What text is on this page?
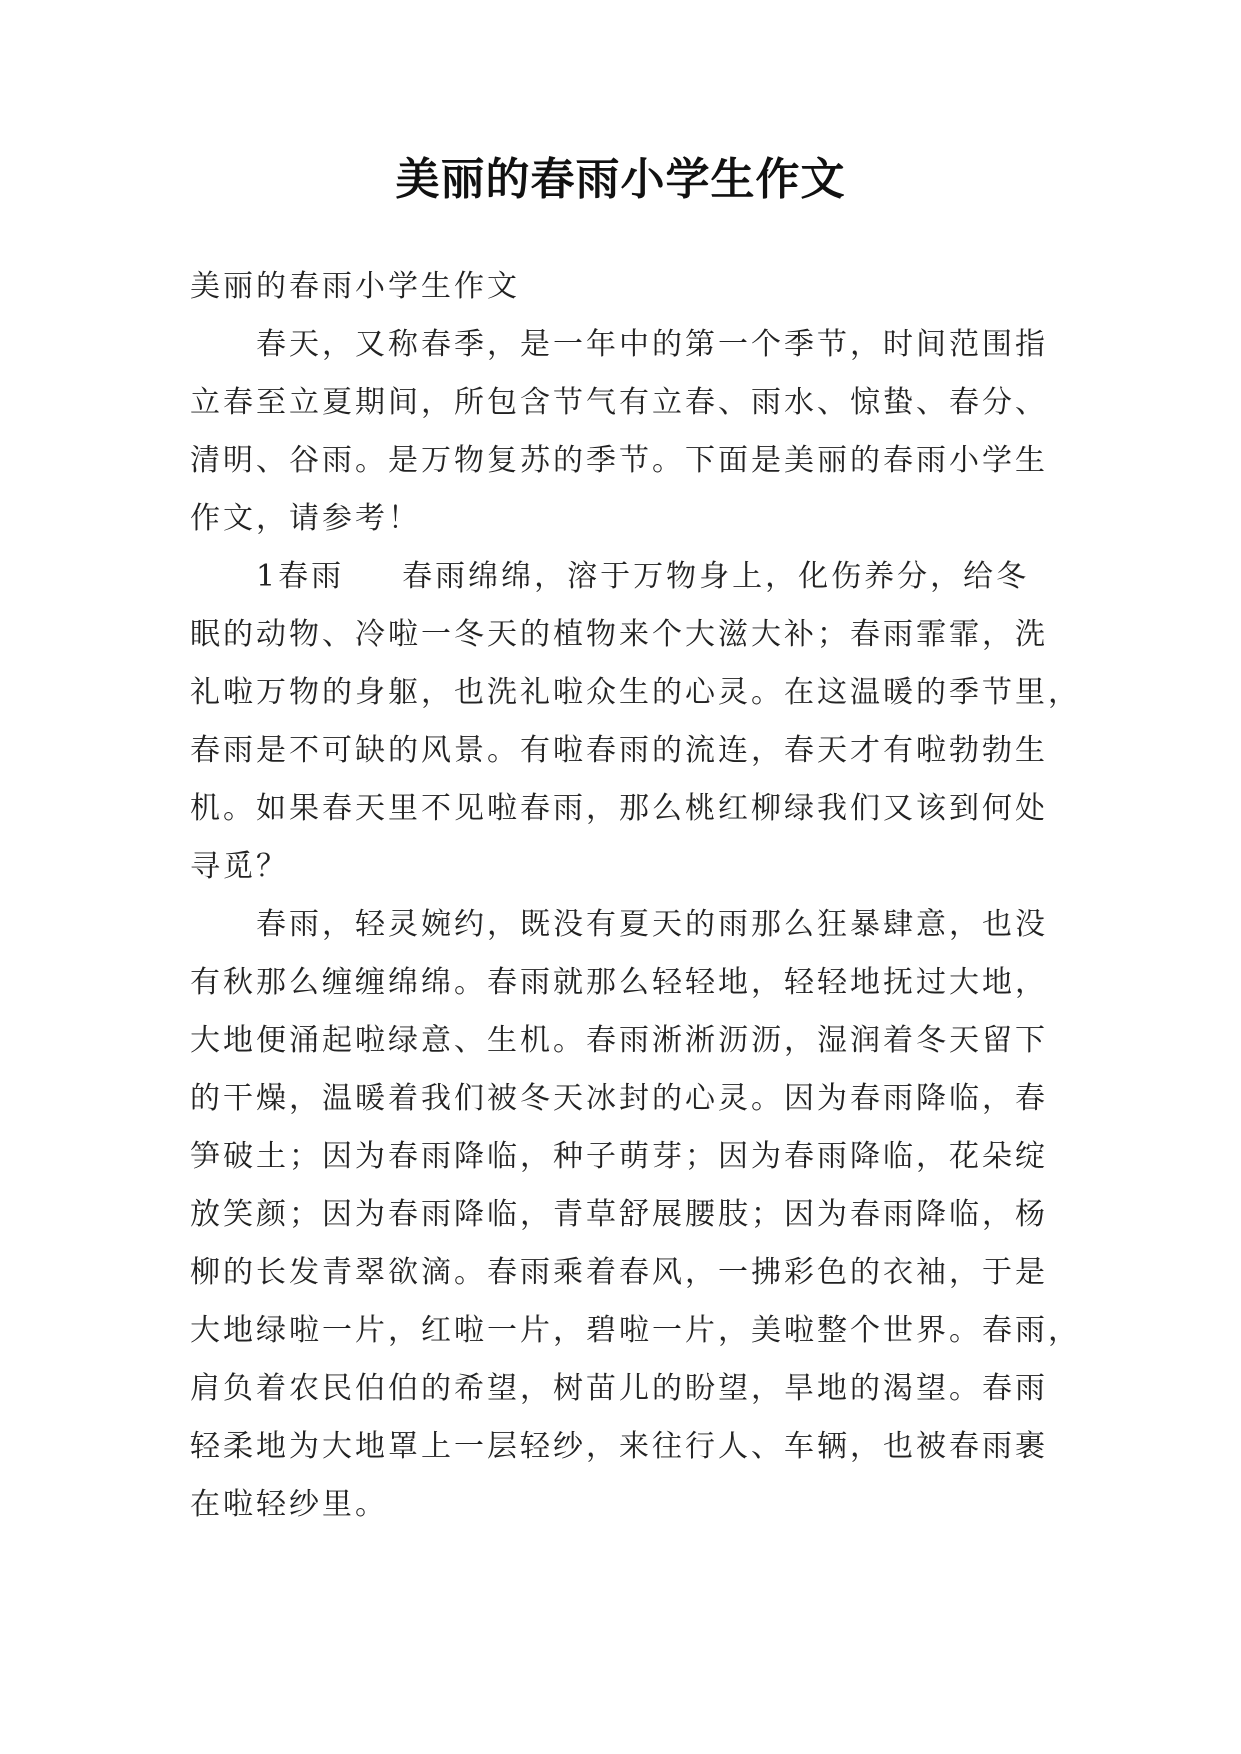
美丽的春雨小学生作文
美丽的春雨小学生作文
春天，又称春季，是一年中的第一个季节，时间范围指
立春至立夏期间，所包含节气有立春、雨水、惊蛰、春分、
清明、谷雨。是万物复苏的季节。下面是美丽的春雨小学生
作文，请参考！
1春雨 春雨绵绵，溶于万物身上，化伤养分，给冬
眠的动物、冷啦一冬天的植物来个大滋大补；春雨霏霏，洗
礼啦万物的身躯，也洗礼啦众生的心灵。在这温暖的季节里，
春雨是不可缺的风景。有啦春雨的流连，春天才有啦勃勃生
机。如果春天里不见啦春雨，那么桃红柳绿我们又该到何处
寻觅？
春雨，轻灵婉约，既没有夏天的雨那么狂暴肆意，也没
有秋那么缠缠绵绵。春雨就那么轻轻地，轻轻地抚过大地，
大地便涌起啦绿意、生机。春雨淅淅沥沥，湿润着冬天留下
的干燥，温暖着我们被冬天冰封的心灵。因为春雨降临，春
笋破土；因为春雨降临，种子萌芽；因为春雨降临，花朵绽
放笑颜；因为春雨降临，青草舒展腰肢；因为春雨降临，杨
柳的长发青翠欲滴。春雨乘着春风，一拂彩色的衣袖，于是
大地绿啦一片，红啦一片，碧啦一片，美啦整个世界。春雨，
肩负着农民伯伯的希望，树苗儿的盼望，旱地的渴望。春雨
轻柔地为大地罩上一层轻纱，来往行人、车辆，也被春雨裹
在啦轻纱里。
